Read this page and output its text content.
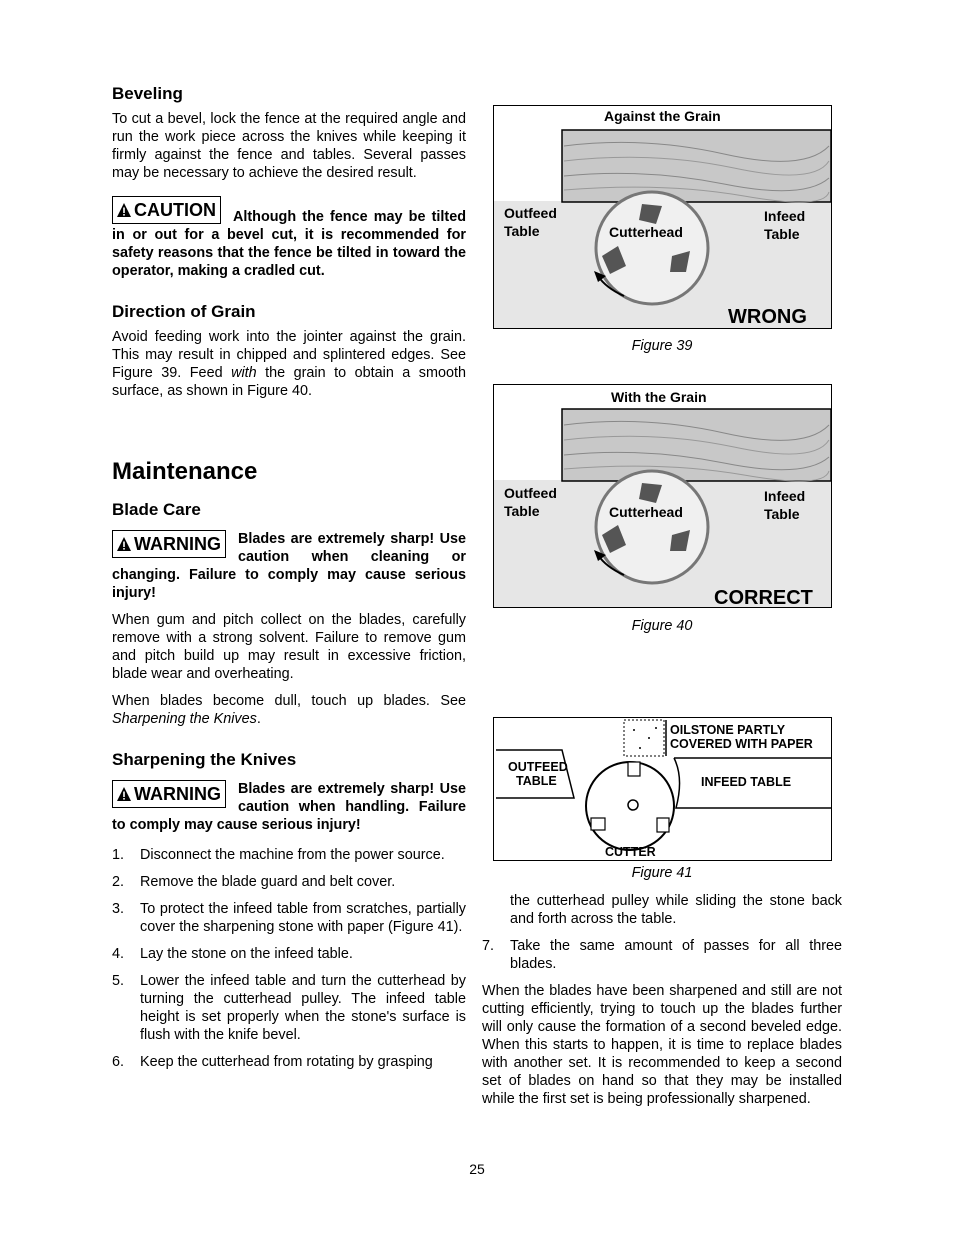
Beveling

To cut a bevel, lock the fence at the required angle and run the work piece across the knives while keeping it firmly against the fence and tables. Several passes may be necessary to achieve the desired result.

CAUTION Although the fence may be tilted in or out for a bevel cut, it is recommended for safety reasons that the fence be tilted in toward the operator, making a cradled cut.
Direction of Grain

Avoid feeding work into the jointer against the grain. This may result in chipped and splintered edges. See Figure 39. Feed with the grain to obtain a smooth surface, as shown in Figure 40.

Maintenance
Blade Care
WARNING Blades are extremely sharp! Use caution when cleaning or changing. Failure to comply may cause serious injury!

When gum and pitch collect on the blades, carefully remove with a strong solvent. Failure to remove gum and pitch build up may result in excessive friction, blade wear and overheating.

When blades become dull, touch up blades. See Sharpening the Knives.

Sharpening the Knives
WARNING Blades are extremely sharp! Use caution when handling. Failure to comply may cause serious injury!
1. Disconnect the machine from the power source.
2. Remove the blade guard and belt cover.
3. To protect the infeed table from scratches, partially cover the sharpening stone with paper (Figure 41).
4. Lay the stone on the infeed table.
5. Lower the infeed table and turn the cutterhead by turning the cutterhead pulley. The infeed table height is set properly when the stone's surface is flush with the knife bevel.
6. Keep the cutterhead from rotating by grasping
Against the Grain
Outfeed
Table	Cutterhead
Infeed
Table
WRONG
Figure 39
With the Grain
Outfeed
Table	Cutterhead
Infeed
Table
CORRECT
Figure 40
OILSTONE PARTLY
COVERED WITH PAPER
OUTFEED
TABLE	INFEED TABLE
CUTTER
Figure 41

the cutterhead pulley while sliding the stone back and forth across the table.

7. Take the same amount of passes for all three blades.

When the blades have been sharpened and still are not cutting efficiently, trying to touch up the blades further will only cause the formation of a second beveled edge. When this starts to happen, it is time to replace blades with another set. It is recommended to keep a second set of blades on hand so that they may be installed while the first set is being professionally sharpened.

25
